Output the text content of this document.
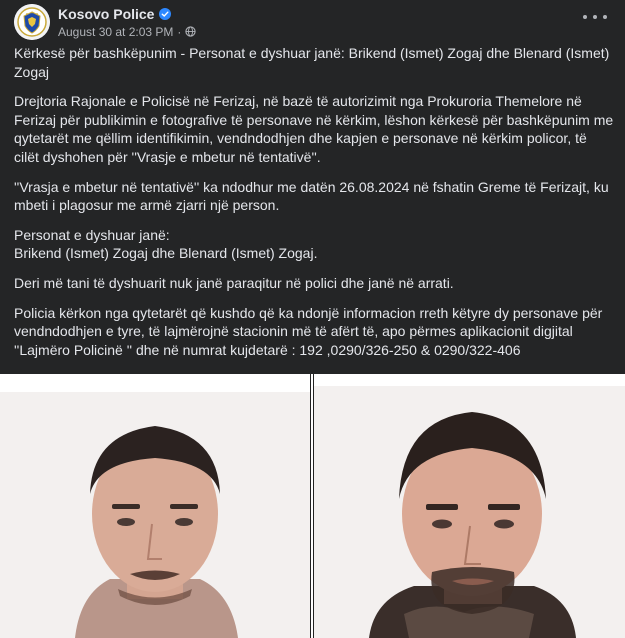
Kosovo Police
August 30 at 2:03 PM ·

Kërkesë për bashkëpunim - Personat e dyshuar janë: Brikend (Ismet) Zogaj dhe Blenard (Ismet) Zogaj

Drejtoria Rajonale e Policisë në Ferizaj, në bazë të autorizimit nga Prokuroria Themelore në Ferizaj për publikimin e fotografive të personave në kërkim, lëshon kërkesë për bashkëpunim me qytetarët me qëllim identifikimin, vendndodhjen dhe kapjen e personave në kërkim policor, të cilët dyshohen për ''Vrasje e mbetur në tentativë''.

''Vrasja e mbetur në tentativë'' ka ndodhur me datën 26.08.2024 në fshatin Greme të Ferizajt, ku mbeti i plagosur me armë zjarri një person.

Personat e dyshuar janë:
Brikend (Ismet) Zogaj dhe Blenard (Ismet) Zogaj.

Deri më tani të dyshuarit nuk janë paraqitur në polici dhe janë në arrati.

Policia kërkon nga qytetarët që kushdo që ka ndonjë informacion rreth këtyre dy personave për vendndodhjen e tyre, të lajmërojnë stacionin më të afërt të, apo përmes aplikacionit digjital ''Lajmëro Policinë '' dhe në numrat kujdetarë : 192 ,0290/326-250 & 0290/322-406
